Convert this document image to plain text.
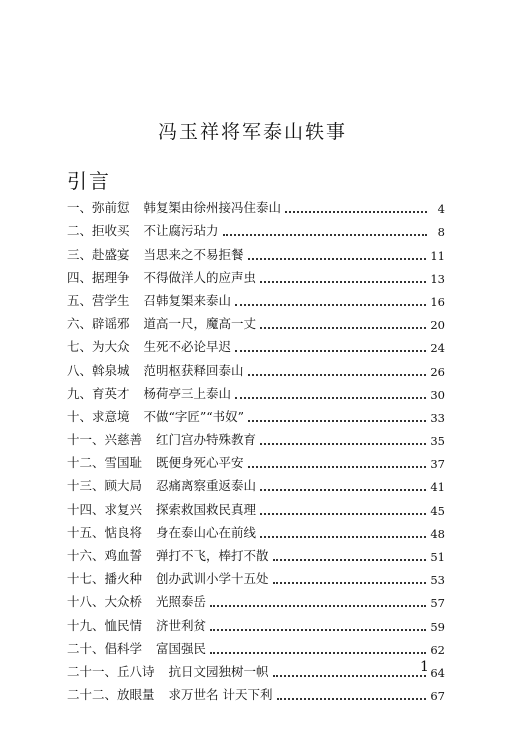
冯玉祥将军泰山轶事
引言
一、弥前愆 韩复榘由徐州接冯住泰山	4
二、拒收买 不让腐污玷力	8
三、赴盛宴 当思来之不易拒餐	11
四、据理争 不得做洋人的应声虫	13
五、营学生 召韩复榘来泰山	16
六、辟谣邪 道高一尺，魔高一丈	20
七、为大众 生死不必论早迟	24
八、斡泉城 范明枢获释回泰山	26
九、育英才 杨荷亭三上泰山	30
十、求意境 不做“字匠”“书奴”	33
十一、兴慈善 红门宫办特殊教育	35
十二、雪国耻 既便身死心平安	37
十三、顾大局 忍痛离察重返泰山	41
十四、求复兴 探索救国救民真理	45
十五、惦良将 身在泰山心在前线	48
十六、鸡血誓 弹打不飞，棒打不散	51
十七、播火种 创办武训小学十五处	53
十八、大众桥 光照泰岳	57
十九、恤民情 济世利贫	59
二十、倡科学 富国强民	62
二十一、丘八诗 抗日文园独树一帜	64
二十二、放眼量 求万世名 计天下利	67
1
